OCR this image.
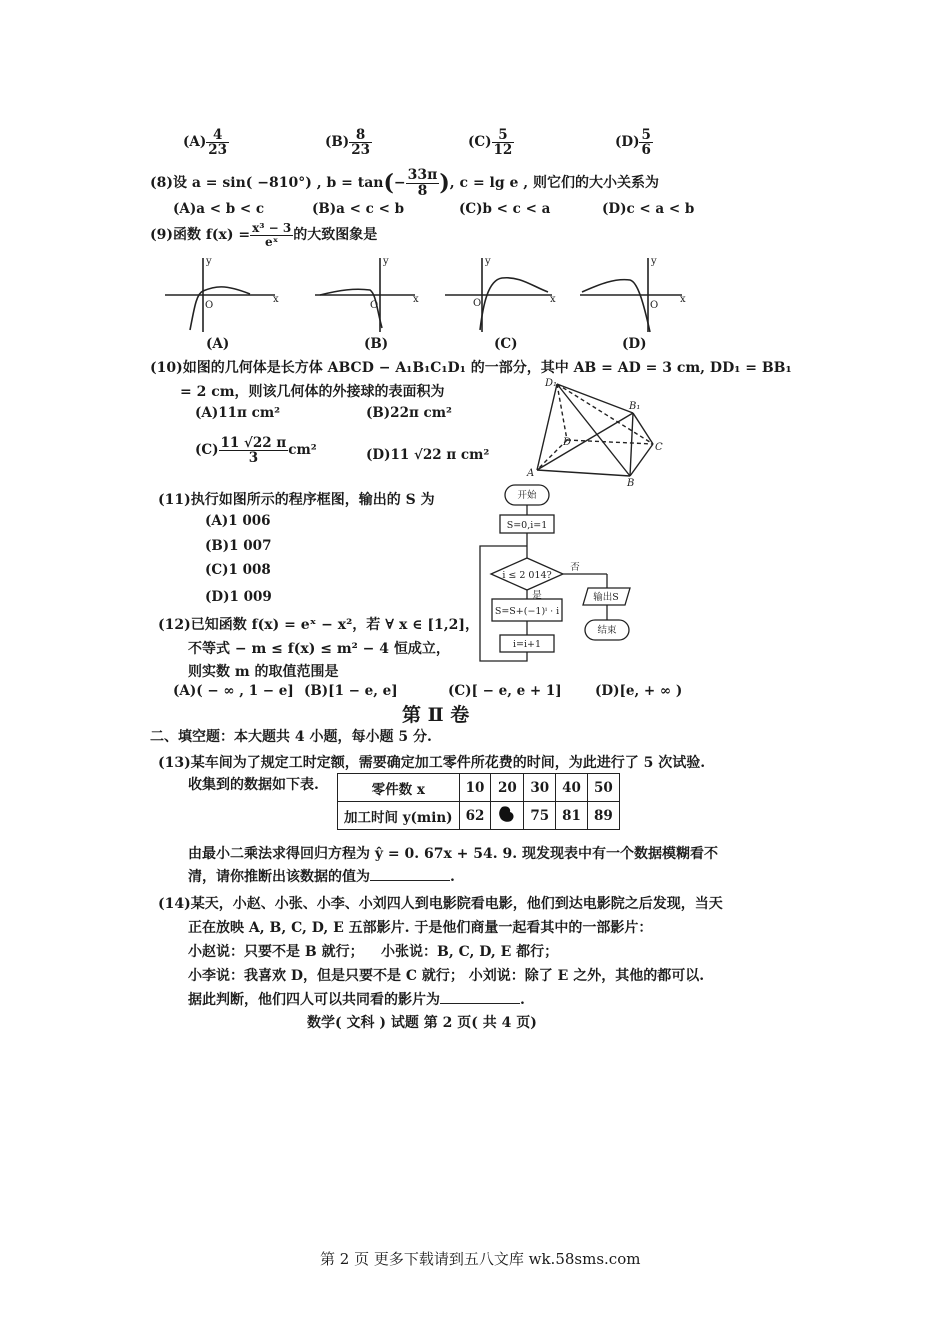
$(A) \frac{4}{23}$	$(B) \frac{8}{23}$	$(C) \frac{5}{12}$	$(D) \frac{5}{6}$
(8)设 a = sin( −810°) , $b = \tan(- \frac{33\pi}{8}$ ), c = lg e , 则它们的大小关系为
(A)a < b < c	(B)a < c < b	(C)b < c < a	(D)c < a < b
(9)函数 $f(x) = \frac{\text{x³ − 3}}{\text{eˣ}}$ 的大致图象是
y
x
O
y
x
O
y
x
O
y
x
O
(A)	(B)	(C)	(D)
(10)如图的几何体是长方体 ABCD − A₁B₁C₁D₁ 的一部分，其中 AB = AD = 3 cm, DD₁ = BB₁
= 2 cm，则该几何体的外接球的表面积为
(A)11π cm²	(B)22π cm²
$(C) \frac{11 √22 \pi}{3} cm^2$	(D)11 √22 π cm²
D₁
B₁
D	C
A
B
(11)执行如图所示的程序框图，输出的 S 为
(A)1 006
(B)1 007
(C)1 008
(D)1 009
开始
S=0,i=1
i ≤ 2 014?
是
否
S=S+(−1)ⁱ · i
i=i+1
输出S
结束
(12)已知函数 f(x) = eˣ − x²，若 ∀ x ∈ [1,2]，
不等式 − m ≤ f(x) ≤ m² − 4 恒成立，
则实数 m 的取值范围是
(A)( − ∞ , 1 − e] (B)[1 − e, e]	(C)[ − e, e + 1] (D)[e, + ∞ )
第 Ⅱ 卷
二、填空题：本大题共 4 小题，每小题 5 分.
(13)某车间为了规定工时定额，需要确定加工零件所花费的时间，为此进行了 5 次试验.
收集到的数据如下表.	零件数 x	10	20	30	40	50
加工时间 y(min)	62		75	81	89
由最小二乘法求得回归方程为 ŷ = 0. 67x + 54. 9. 现发现表中有一个数据模糊看不
清，请你推断出该数据的值为	.
(14)某天，小赵、小张、小李、小刘四人到电影院看电影，他们到达电影院之后发现，当天
正在放映 A, B, C, D, E 五部影片. 于是他们商量一起看其中的一部影片：
小赵说：只要不是 B 就行； 小张说：B, C, D, E 都行；
小李说：我喜欢 D，但是只要不是 C 就行； 小刘说：除了 E 之外，其他的都可以.
据此判断，他们四人可以共同看的影片为	.
数学( 文科 ) 试题 第 2 页( 共 4 页)
第 2 页 更多下载请到五八文库 wk.58sms.com
